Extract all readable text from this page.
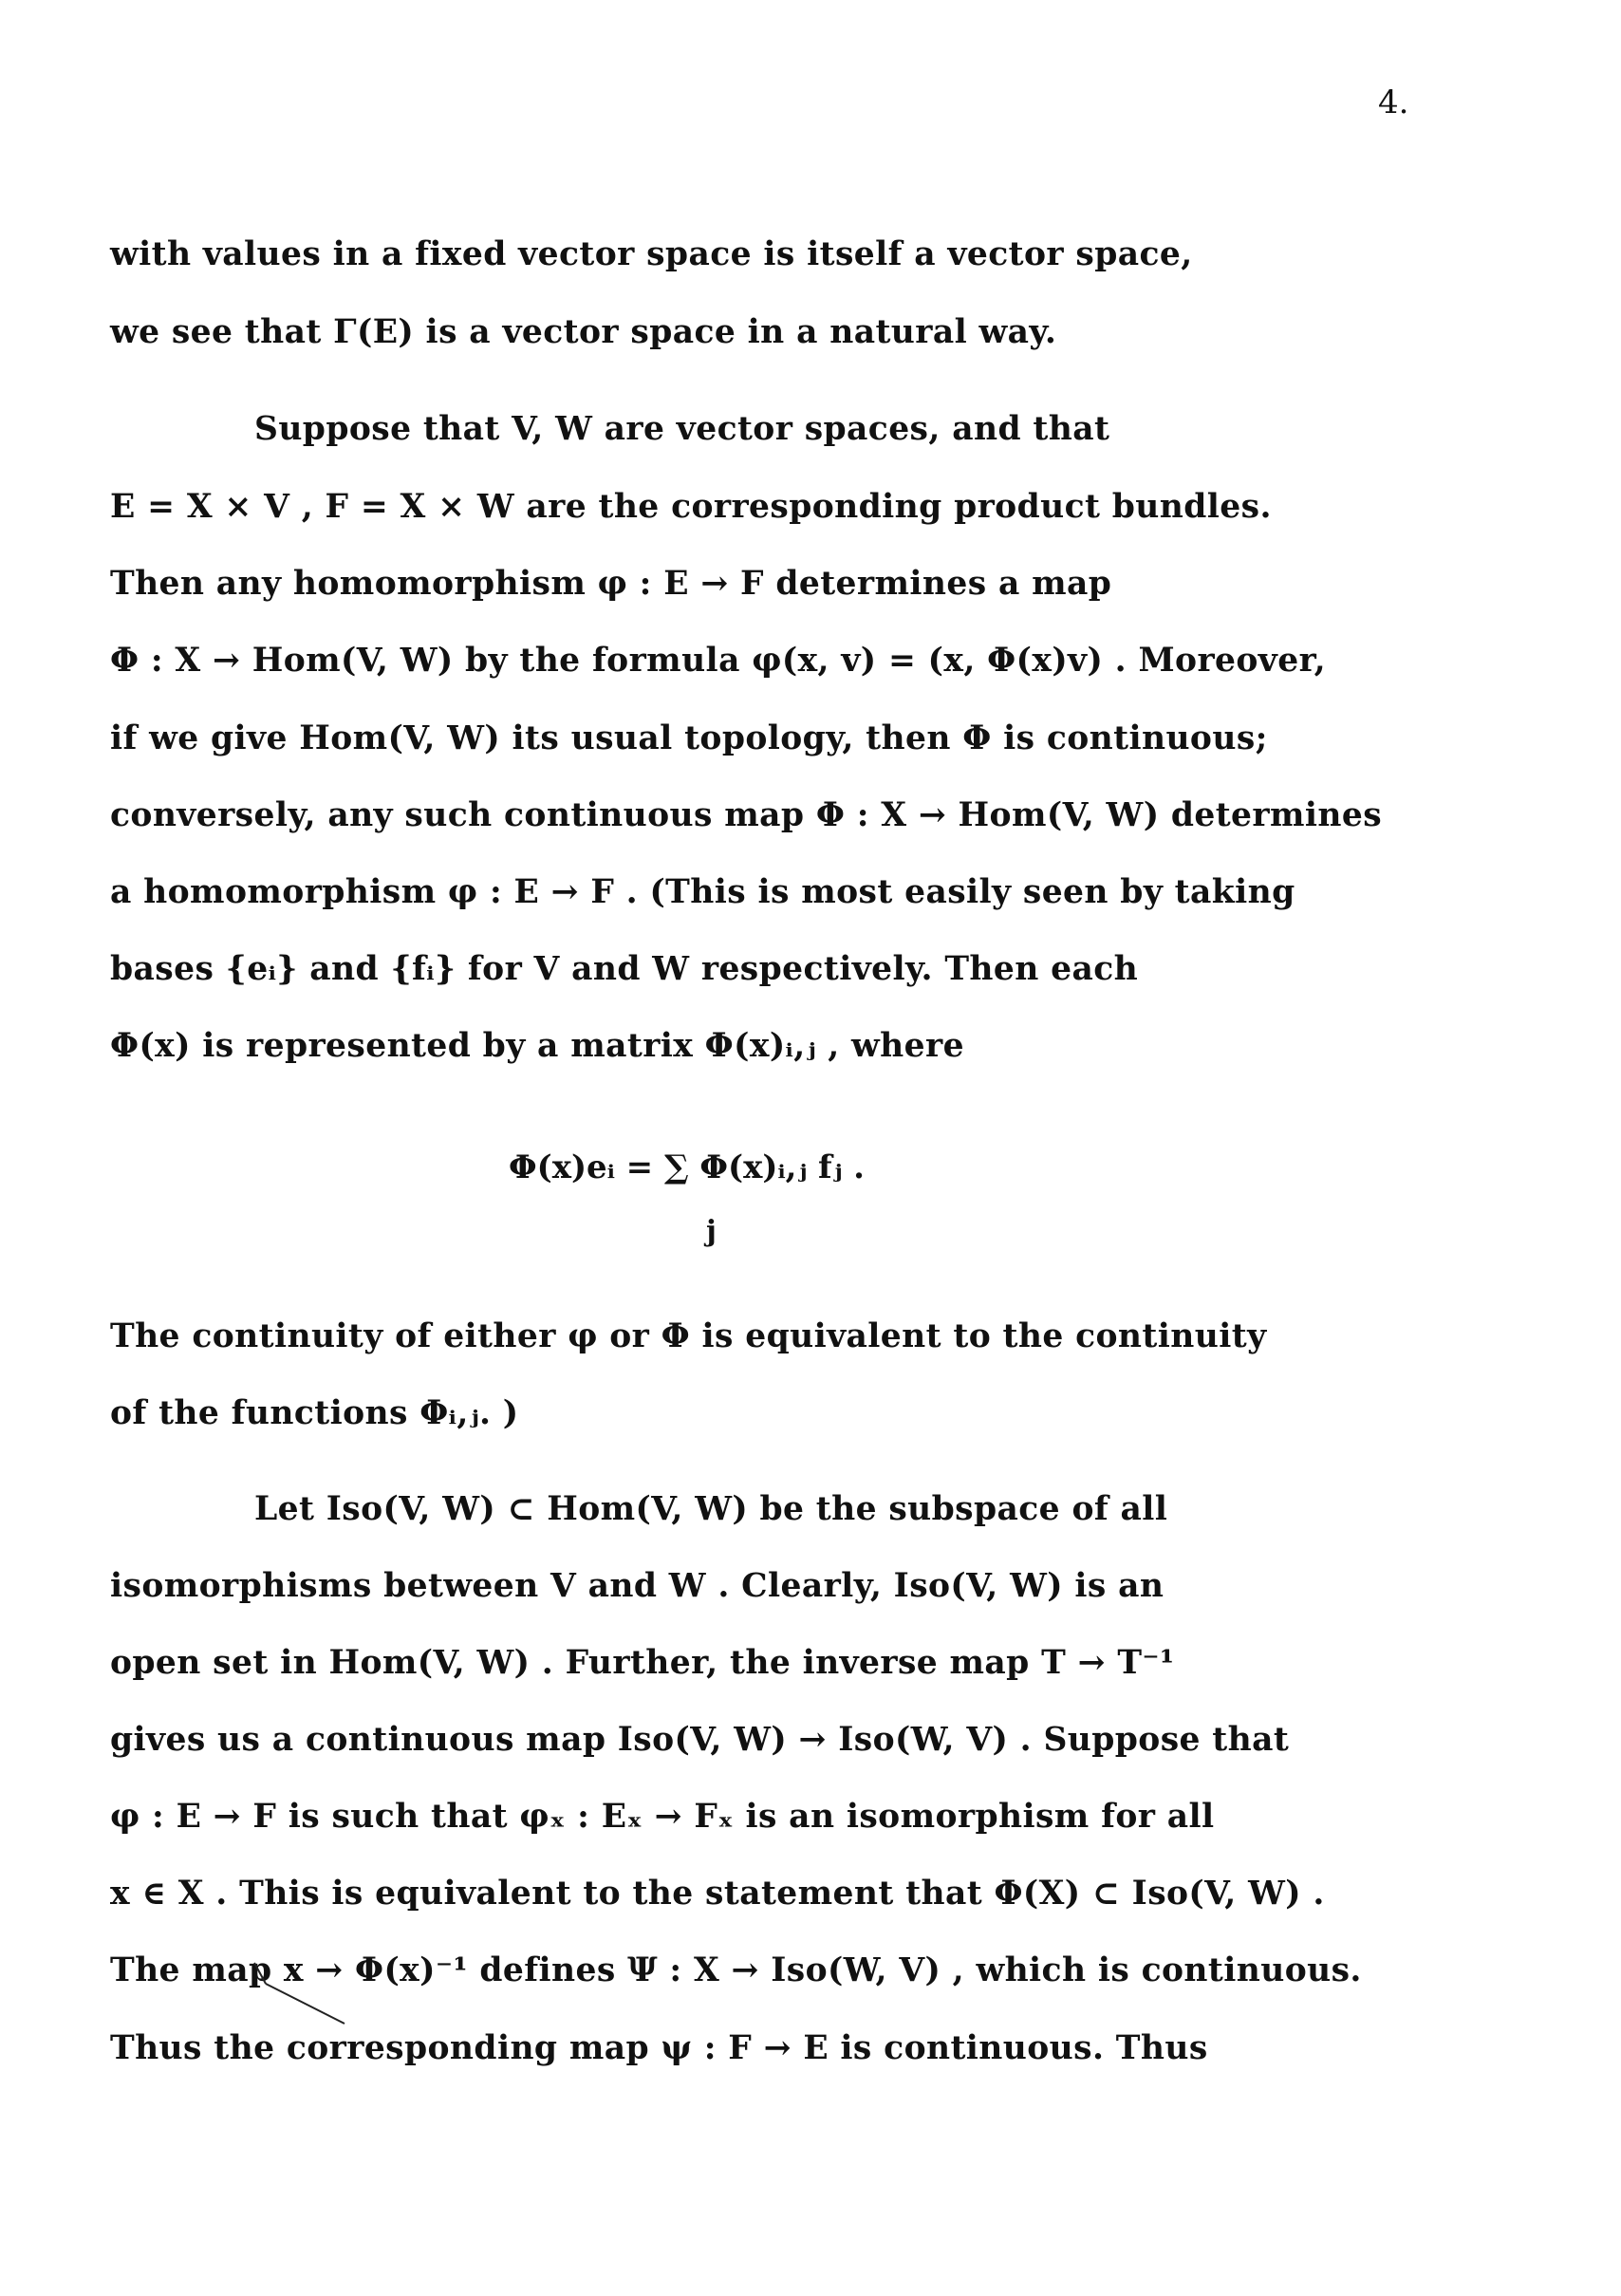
4.
with values in a fixed vector space is itself a vector space,
we see that Γ(E) is a vector space in a natural way.
Suppose that V, W are vector spaces, and that
E = X × V , F = X × W are the corresponding product bundles.
Then any homomorphism φ : E → F determines a map
Φ : X → Hom(V, W) by the formula φ(x, v) = (x, Φ(x)v) . Moreover,
if we give Hom(V, W) its usual topology, then Φ is continuous;
conversely, any such continuous map Φ : X → Hom(V, W) determines
a homomorphism φ : E → F . (This is most easily seen by taking
bases {eᵢ} and {fᵢ} for V and W respectively. Then each
Φ(x) is represented by a matrix Φ(x)ᵢ,ⱼ , where
Φ(x)eᵢ = ∑ Φ(x)ᵢ,ⱼ fⱼ .
j
The continuity of either φ or Φ is equivalent to the continuity
of the functions Φᵢ,ⱼ. )
Let Iso(V, W) ⊂ Hom(V, W) be the subspace of all
isomorphisms between V and W . Clearly, Iso(V, W) is an
open set in Hom(V, W) . Further, the inverse map T → T⁻¹
gives us a continuous map Iso(V, W) → Iso(W, V) . Suppose that
φ : E → F is such that φₓ : Eₓ → Fₓ is an isomorphism for all
x ∈ X . This is equivalent to the statement that Φ(X) ⊂ Iso(V, W) .
The map x → Φ(x)⁻¹ defines Ψ : X → Iso(W, V) , which is continuous.
Thus the corresponding map ψ : F → E is continuous. Thus
